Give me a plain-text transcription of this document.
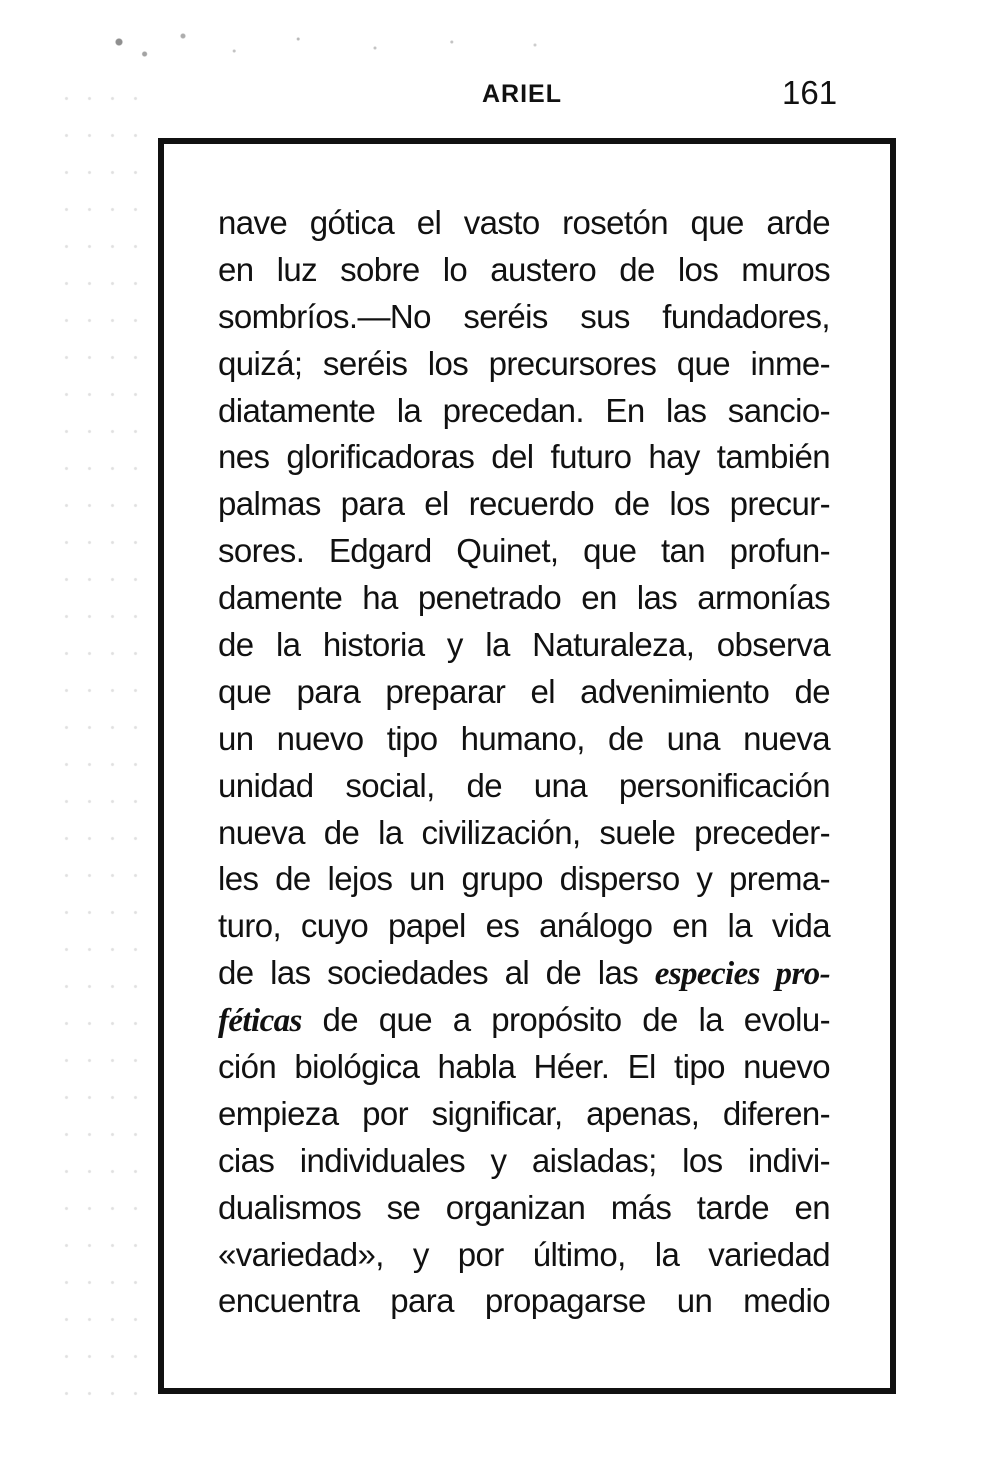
ARIEL	161
nave gótica el vasto rosetón que arde
en luz sobre lo austero de los muros
sombríos.—No seréis sus fundadores,
quizá; seréis los precursores que inme-
diatamente la precedan. En las sancio-
nes glorificadoras del futuro hay también
palmas para el recuerdo de los precur-
sores. Edgard Quinet, que tan profun-
damente ha penetrado en las armonías
de la historia y la Naturaleza, observa
que para preparar el advenimiento de
un nuevo tipo humano, de una nueva
unidad social, de una personificación
nueva de la civilización, suele preceder-
les de lejos un grupo disperso y prema-
turo, cuyo papel es análogo en la vida
de las sociedades al de las especies pro-
féticas de que a propósito de la evolu-
ción biológica habla Héer. El tipo nuevo
empieza por significar, apenas, diferen-
cias individuales y aisladas; los indivi-
dualismos se organizan más tarde en
«variedad», y por último, la variedad
encuentra para propagarse un medio
